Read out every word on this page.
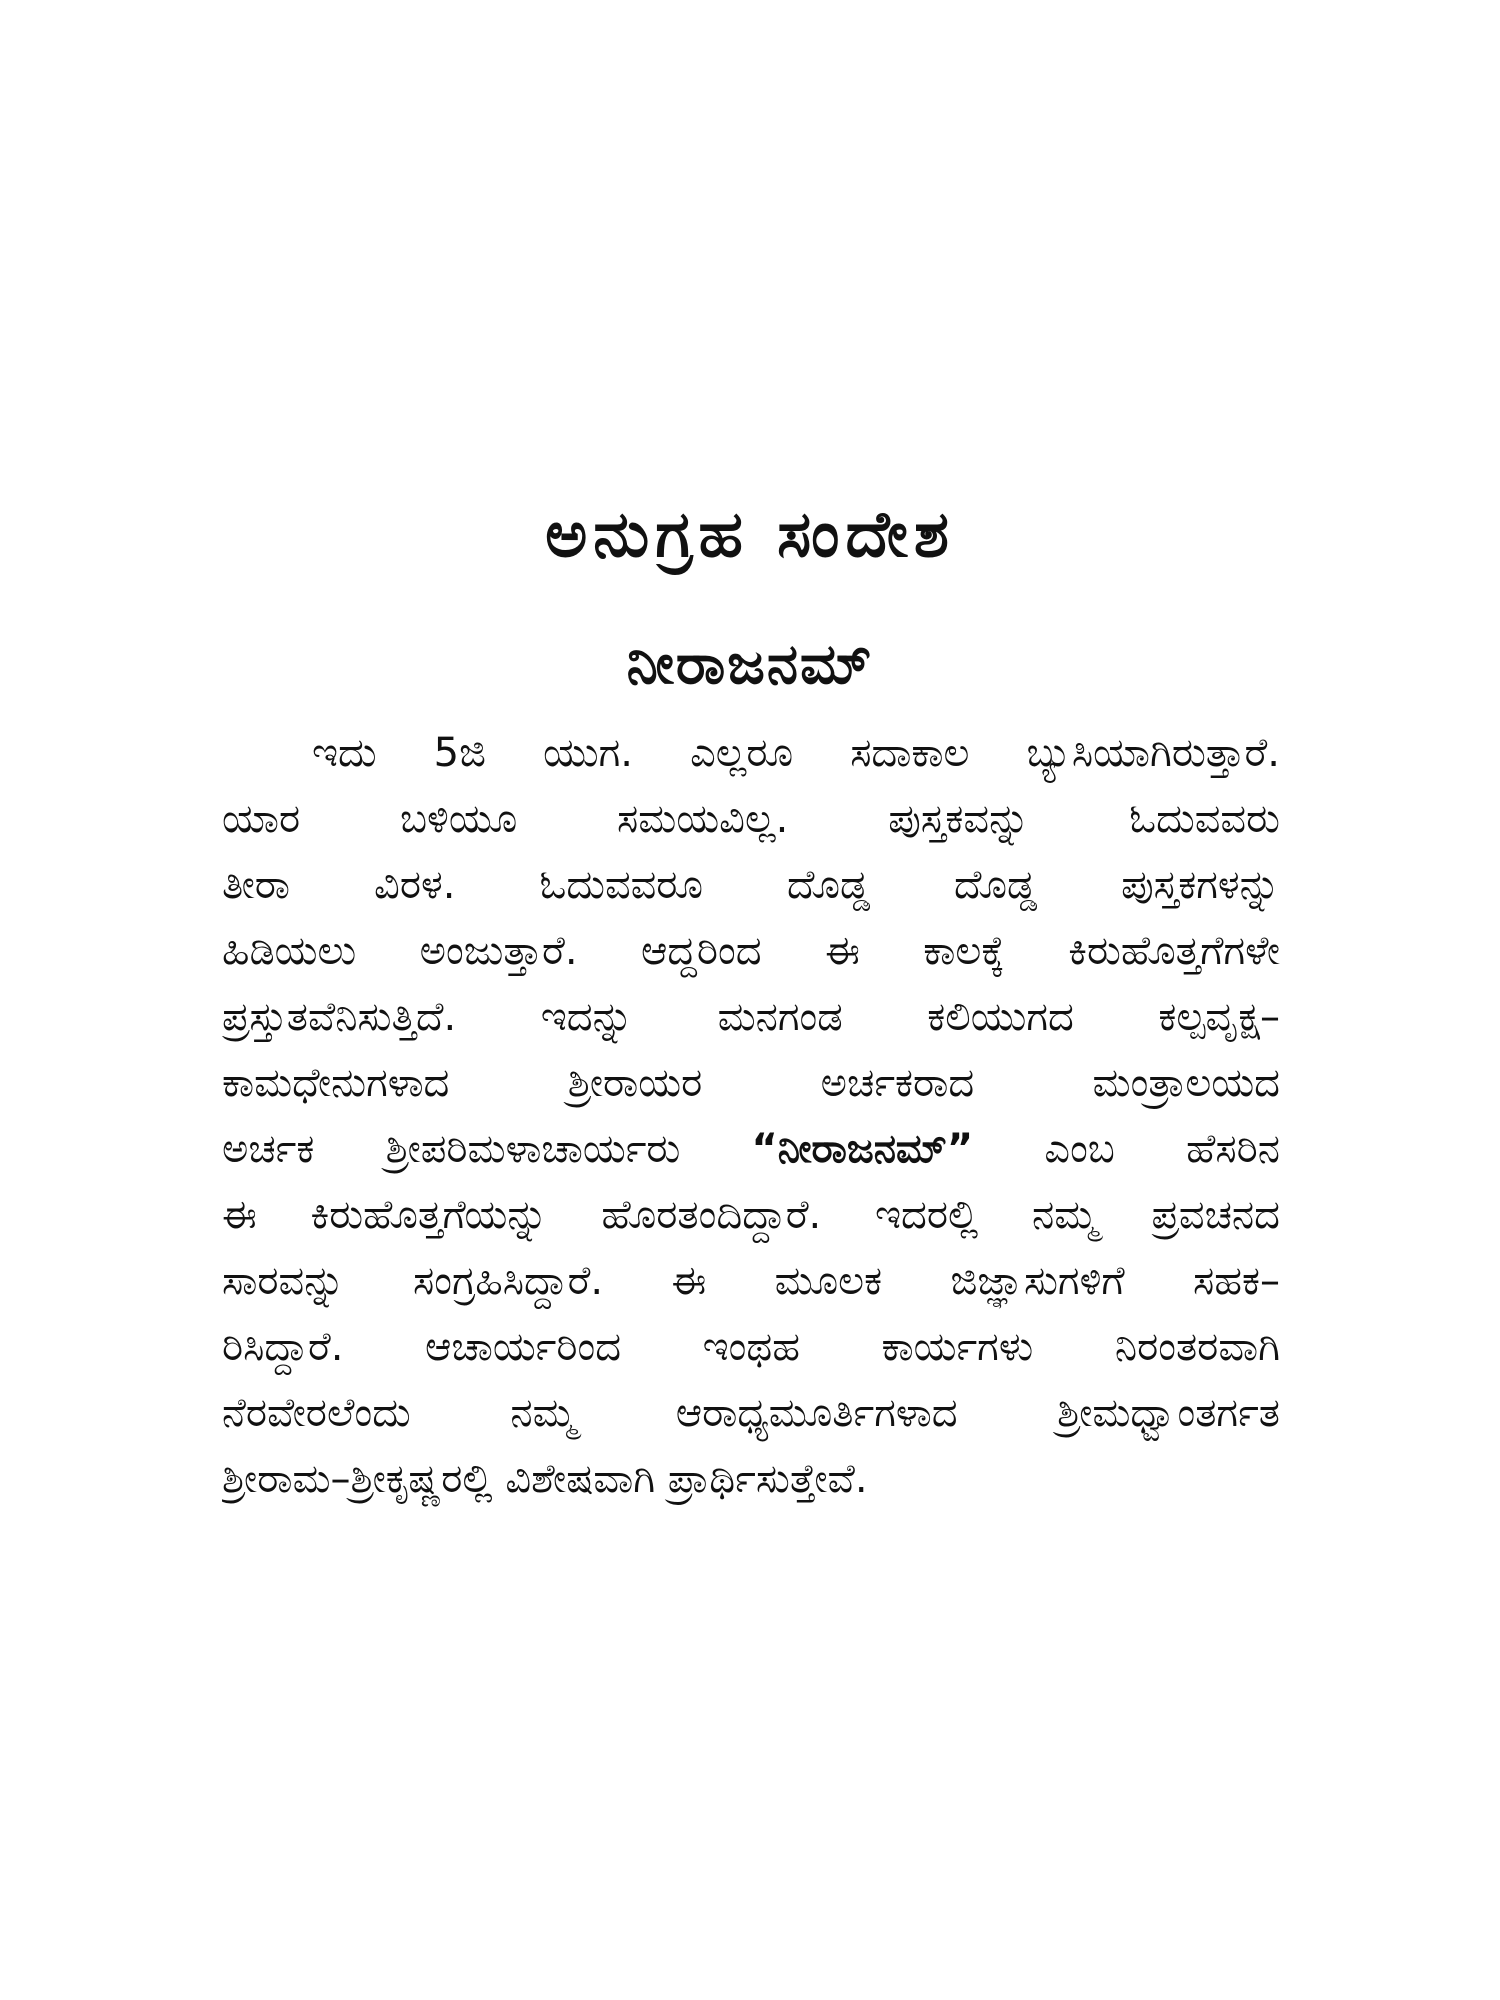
ಅನುಗ್ರಹ ಸಂದೇಶ
ನೀರಾಜನಮ್
ಇದು 5ಜಿ ಯುಗ. ಎಲ್ಲರೂ ಸದಾಕಾಲ ಬ್ಯುಸಿಯಾಗಿರುತ್ತಾರೆ.
ಯಾರ ಬಳಿಯೂ ಸಮಯವಿಲ್ಲ. ಪುಸ್ತಕವನ್ನು ಓದುವವರು
ತೀರಾ ವಿರಳ. ಓದುವವರೂ ದೊಡ್ಡ ದೊಡ್ಡ ಪುಸ್ತಕಗಳನ್ನು
ಹಿಡಿಯಲು ಅಂಜುತ್ತಾರೆ. ಆದ್ದರಿಂದ ಈ ಕಾಲಕ್ಕೆ ಕಿರುಹೊತ್ತಗೆಗಳೇ
ಪ್ರಸ್ತುತವೆನಿಸುತ್ತಿದೆ. ಇದನ್ನು ಮನಗಂಡ ಕಲಿಯುಗದ ಕಲ್ಪವೃಕ್ಷ–
ಕಾಮಧೇನುಗಳಾದ ಶ್ರೀರಾಯರ ಅರ್ಚಕರಾದ ಮಂತ್ರಾಲಯದ
ಅರ್ಚಕ ಶ್ರೀಪರಿಮಳಾಚಾರ್ಯರು “ನೀರಾಜನಮ್” ಎಂಬ ಹೆಸರಿನ
ಈ ಕಿರುಹೊತ್ತಗೆಯನ್ನು ಹೊರತಂದಿದ್ದಾರೆ. ಇದರಲ್ಲಿ ನಮ್ಮ ಪ್ರವಚನದ
ಸಾರವನ್ನು ಸಂಗ್ರಹಿಸಿದ್ದಾರೆ. ಈ ಮೂಲಕ ಜಿಜ್ಞಾಸುಗಳಿಗೆ ಸಹಕ–
ರಿಸಿದ್ದಾರೆ. ಆಚಾರ್ಯರಿಂದ ಇಂಥಹ ಕಾರ್ಯಗಳು ನಿರಂತರವಾಗಿ
ನೆರವೇರಲೆಂದು ನಮ್ಮ ಆರಾಧ್ಯಮೂರ್ತಿಗಳಾದ ಶ್ರೀಮಧ್ವಾಂತರ್ಗತ
ಶ್ರೀರಾಮ–ಶ್ರೀಕೃಷ್ಣರಲ್ಲಿ ವಿಶೇಷವಾಗಿ ಪ್ರಾರ್ಥಿಸುತ್ತೇವೆ.
